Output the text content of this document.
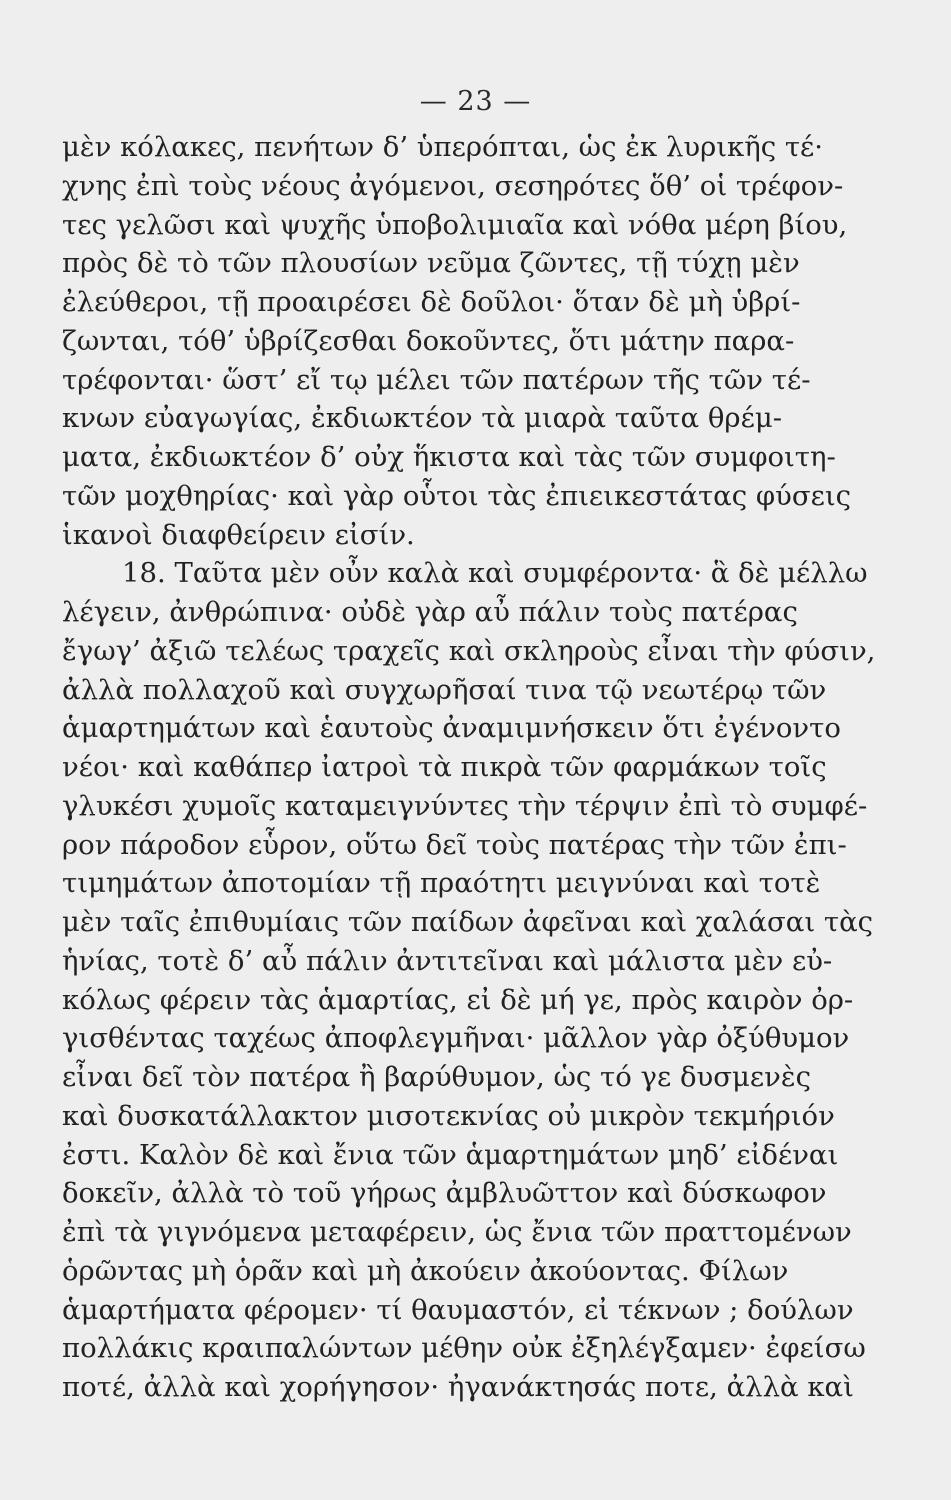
— 23 —
μὲν κόλακες, πενήτων δ’ ὑπερόπται, ὡς ἐκ λυρικῆς τέ·
χνης ἐπὶ τοὺς νέους ἀγόμενοι, σεσηρότες ὅθ’ οἱ τρέφον-
τες γελῶσι καὶ ψυχῆς ὑποβολιμιαῖα καὶ νόθα μέρη βίου,
πρὸς δὲ τὸ τῶν πλουσίων νεῦμα ζῶντες, τῇ τύχῃ μὲν
ἐλεύθεροι, τῇ προαιρέσει δὲ δοῦλοι· ὅταν δὲ μὴ ὑβρί-
ζωνται, τόθ’ ὑβρίζεσθαι δοκοῦντες, ὅτι μάτην παρα-
τρέφονται· ὥστ’ εἴ τῳ μέλει τῶν πατέρων τῆς τῶν τέ-
κνων εὐαγωγίας, ἐκδιωκτέον τὰ μιαρὰ ταῦτα θρέμ-
ματα, ἐκδιωκτέον δ’ οὐχ ἥκιστα καὶ τὰς τῶν συμφοιτη-
τῶν μοχθηρίας· καὶ γὰρ οὗτοι τὰς ἐπιεικεστάτας φύσεις
ἱκανοὶ διαφθείρειν εἰσίν.
18. Ταῦτα μὲν οὖν καλὰ καὶ συμφέροντα· ἃ δὲ μέλλω
λέγειν, ἀνθρώπινα· οὐδὲ γὰρ αὖ πάλιν τοὺς πατέρας
ἔγωγ’ ἀξιῶ τελέως τραχεῖς καὶ σκληροὺς εἶναι τὴν φύσιν,
ἀλλὰ πολλαχοῦ καὶ συγχωρῆσαί τινα τῷ νεωτέρῳ τῶν
ἁμαρτημάτων καὶ ἑαυτοὺς ἀναμιμνήσκειν ὅτι ἐγένοντο
νέοι· καὶ καθάπερ ἰατροὶ τὰ πικρὰ τῶν φαρμάκων τοῖς
γλυκέσι χυμοῖς καταμειγνύντες τὴν τέρψιν ἐπὶ τὸ συμφέ-
ρον πάροδον εὗρον, οὕτω δεῖ τοὺς πατέρας τὴν τῶν ἐπι-
τιμημάτων ἀποτομίαν τῇ πραότητι μειγνύναι καὶ τοτὲ
μὲν ταῖς ἐπιθυμίαις τῶν παίδων ἀφεῖναι καὶ χαλάσαι τὰς
ἡνίας, τοτὲ δ’ αὖ πάλιν ἀντιτεῖναι καὶ μάλιστα μὲν εὐ-
κόλως φέρειν τὰς ἁμαρτίας, εἰ δὲ μή γε, πρὸς καιρὸν ὀρ-
γισθέντας ταχέως ἀποφλεγμῆναι· μᾶλλον γὰρ ὀξύθυμον
εἶναι δεῖ τὸν πατέρα ἢ βαρύθυμον, ὡς τό γε δυσμενὲς
καὶ δυσκατάλλακτον μισοτεκνίας οὐ μικρὸν τεκμήριόν
ἐστι. Καλὸν δὲ καὶ ἔνια τῶν ἁμαρτημάτων μηδ’ εἰδέναι
δοκεῖν, ἀλλὰ τὸ τοῦ γήρως ἀμβλυῶττον καὶ δύσκωφον
ἐπὶ τὰ γιγνόμενα μεταφέρειν, ὡς ἔνια τῶν πραττομένων
ὁρῶντας μὴ ὁρᾶν καὶ μὴ ἀκούειν ἀκούοντας. Φίλων
ἁμαρτήματα φέρομεν· τί θαυμαστόν, εἰ τέκνων ; δούλων
πολλάκις κραιπαλώντων μέθην οὐκ ἐξηλέγξαμεν· ἐφείσω
ποτέ, ἀλλὰ καὶ χορήγησον· ἠγανάκτησάς ποτε, ἀλλὰ καὶ
